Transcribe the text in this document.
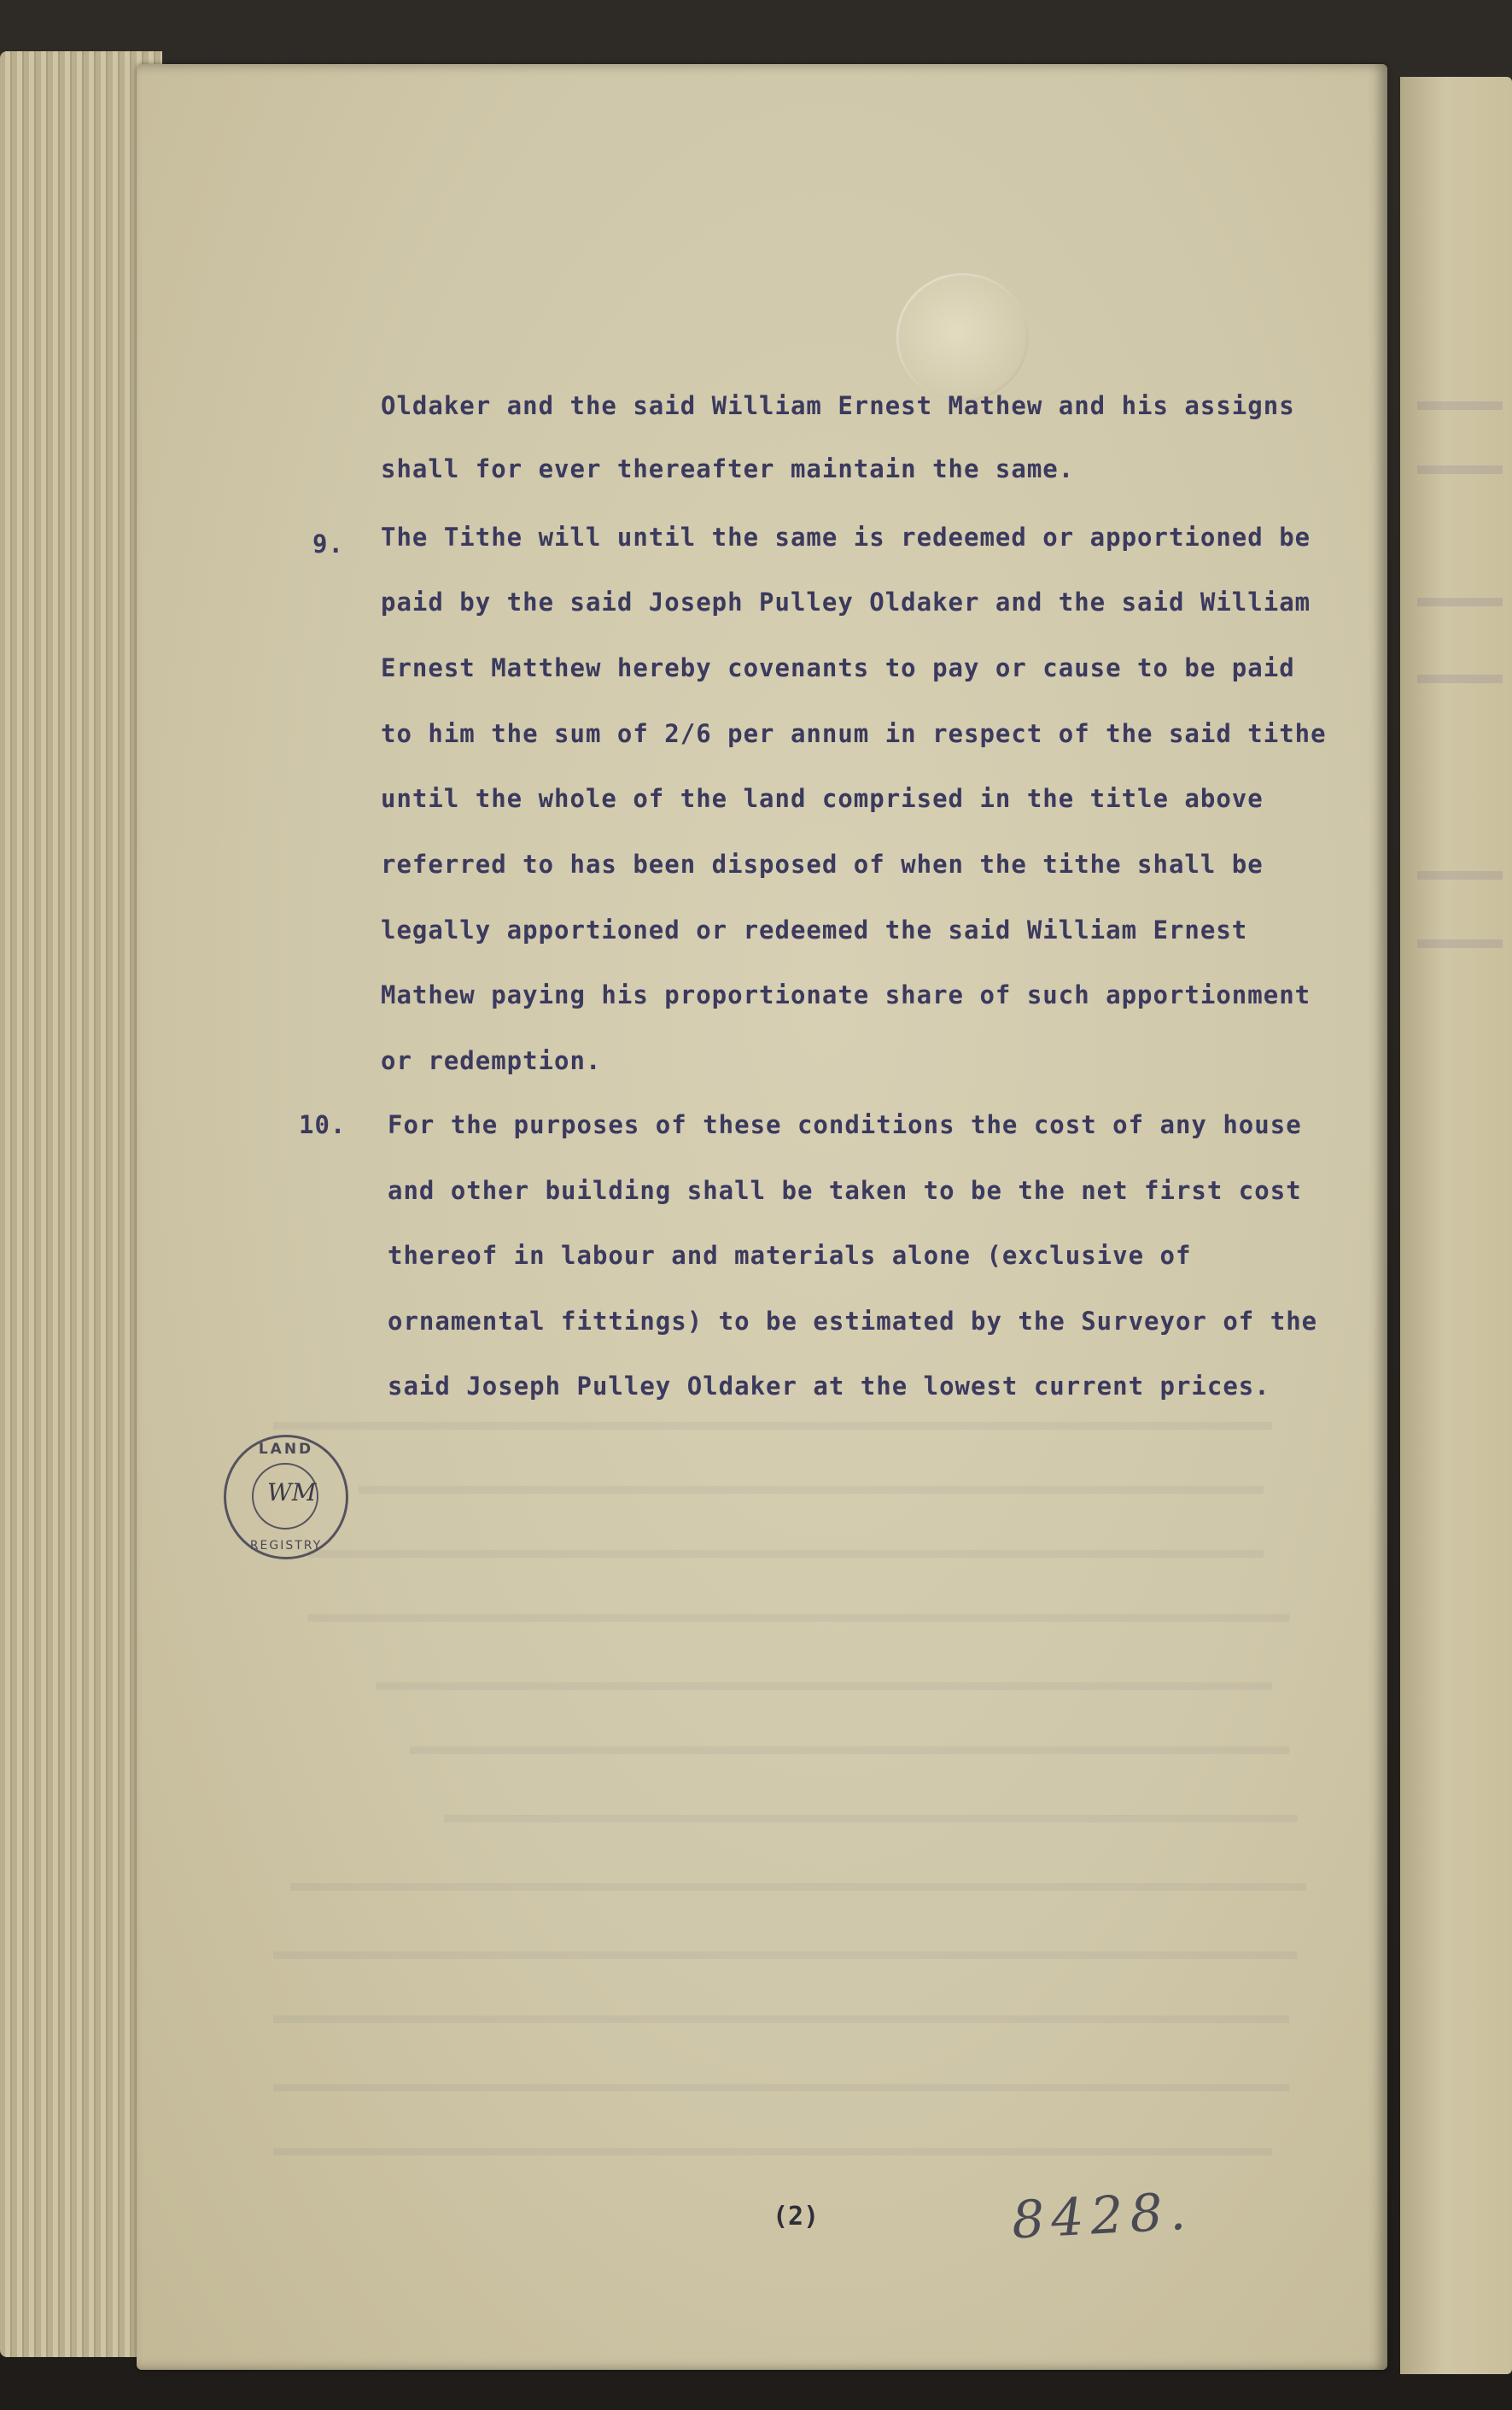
9.
10.
Oldaker and the said William Ernest Mathew and his assigns
shall for ever thereafter maintain the same.
The Tithe will until the same is redeemed or apportioned be
paid by the said Joseph Pulley Oldaker and the said William
Ernest Matthew hereby covenants to pay or cause to be paid
to him the sum of 2/6 per annum in respect of the said tithe
until the whole of the land comprised in the title above
referred to has been disposed of when the tithe shall be
legally apportioned or redeemed the said William Ernest
Mathew paying his proportionate share of such apportionment
or redemption.
For the purposes of these conditions the cost of any house
and other building shall be taken to be the net first cost
thereof in labour and materials alone (exclusive of
ornamental fittings) to be estimated by the Surveyor of the
said Joseph Pulley Oldaker at the lowest current prices.
LAND
WM
REGISTRY
(2)	8428.
